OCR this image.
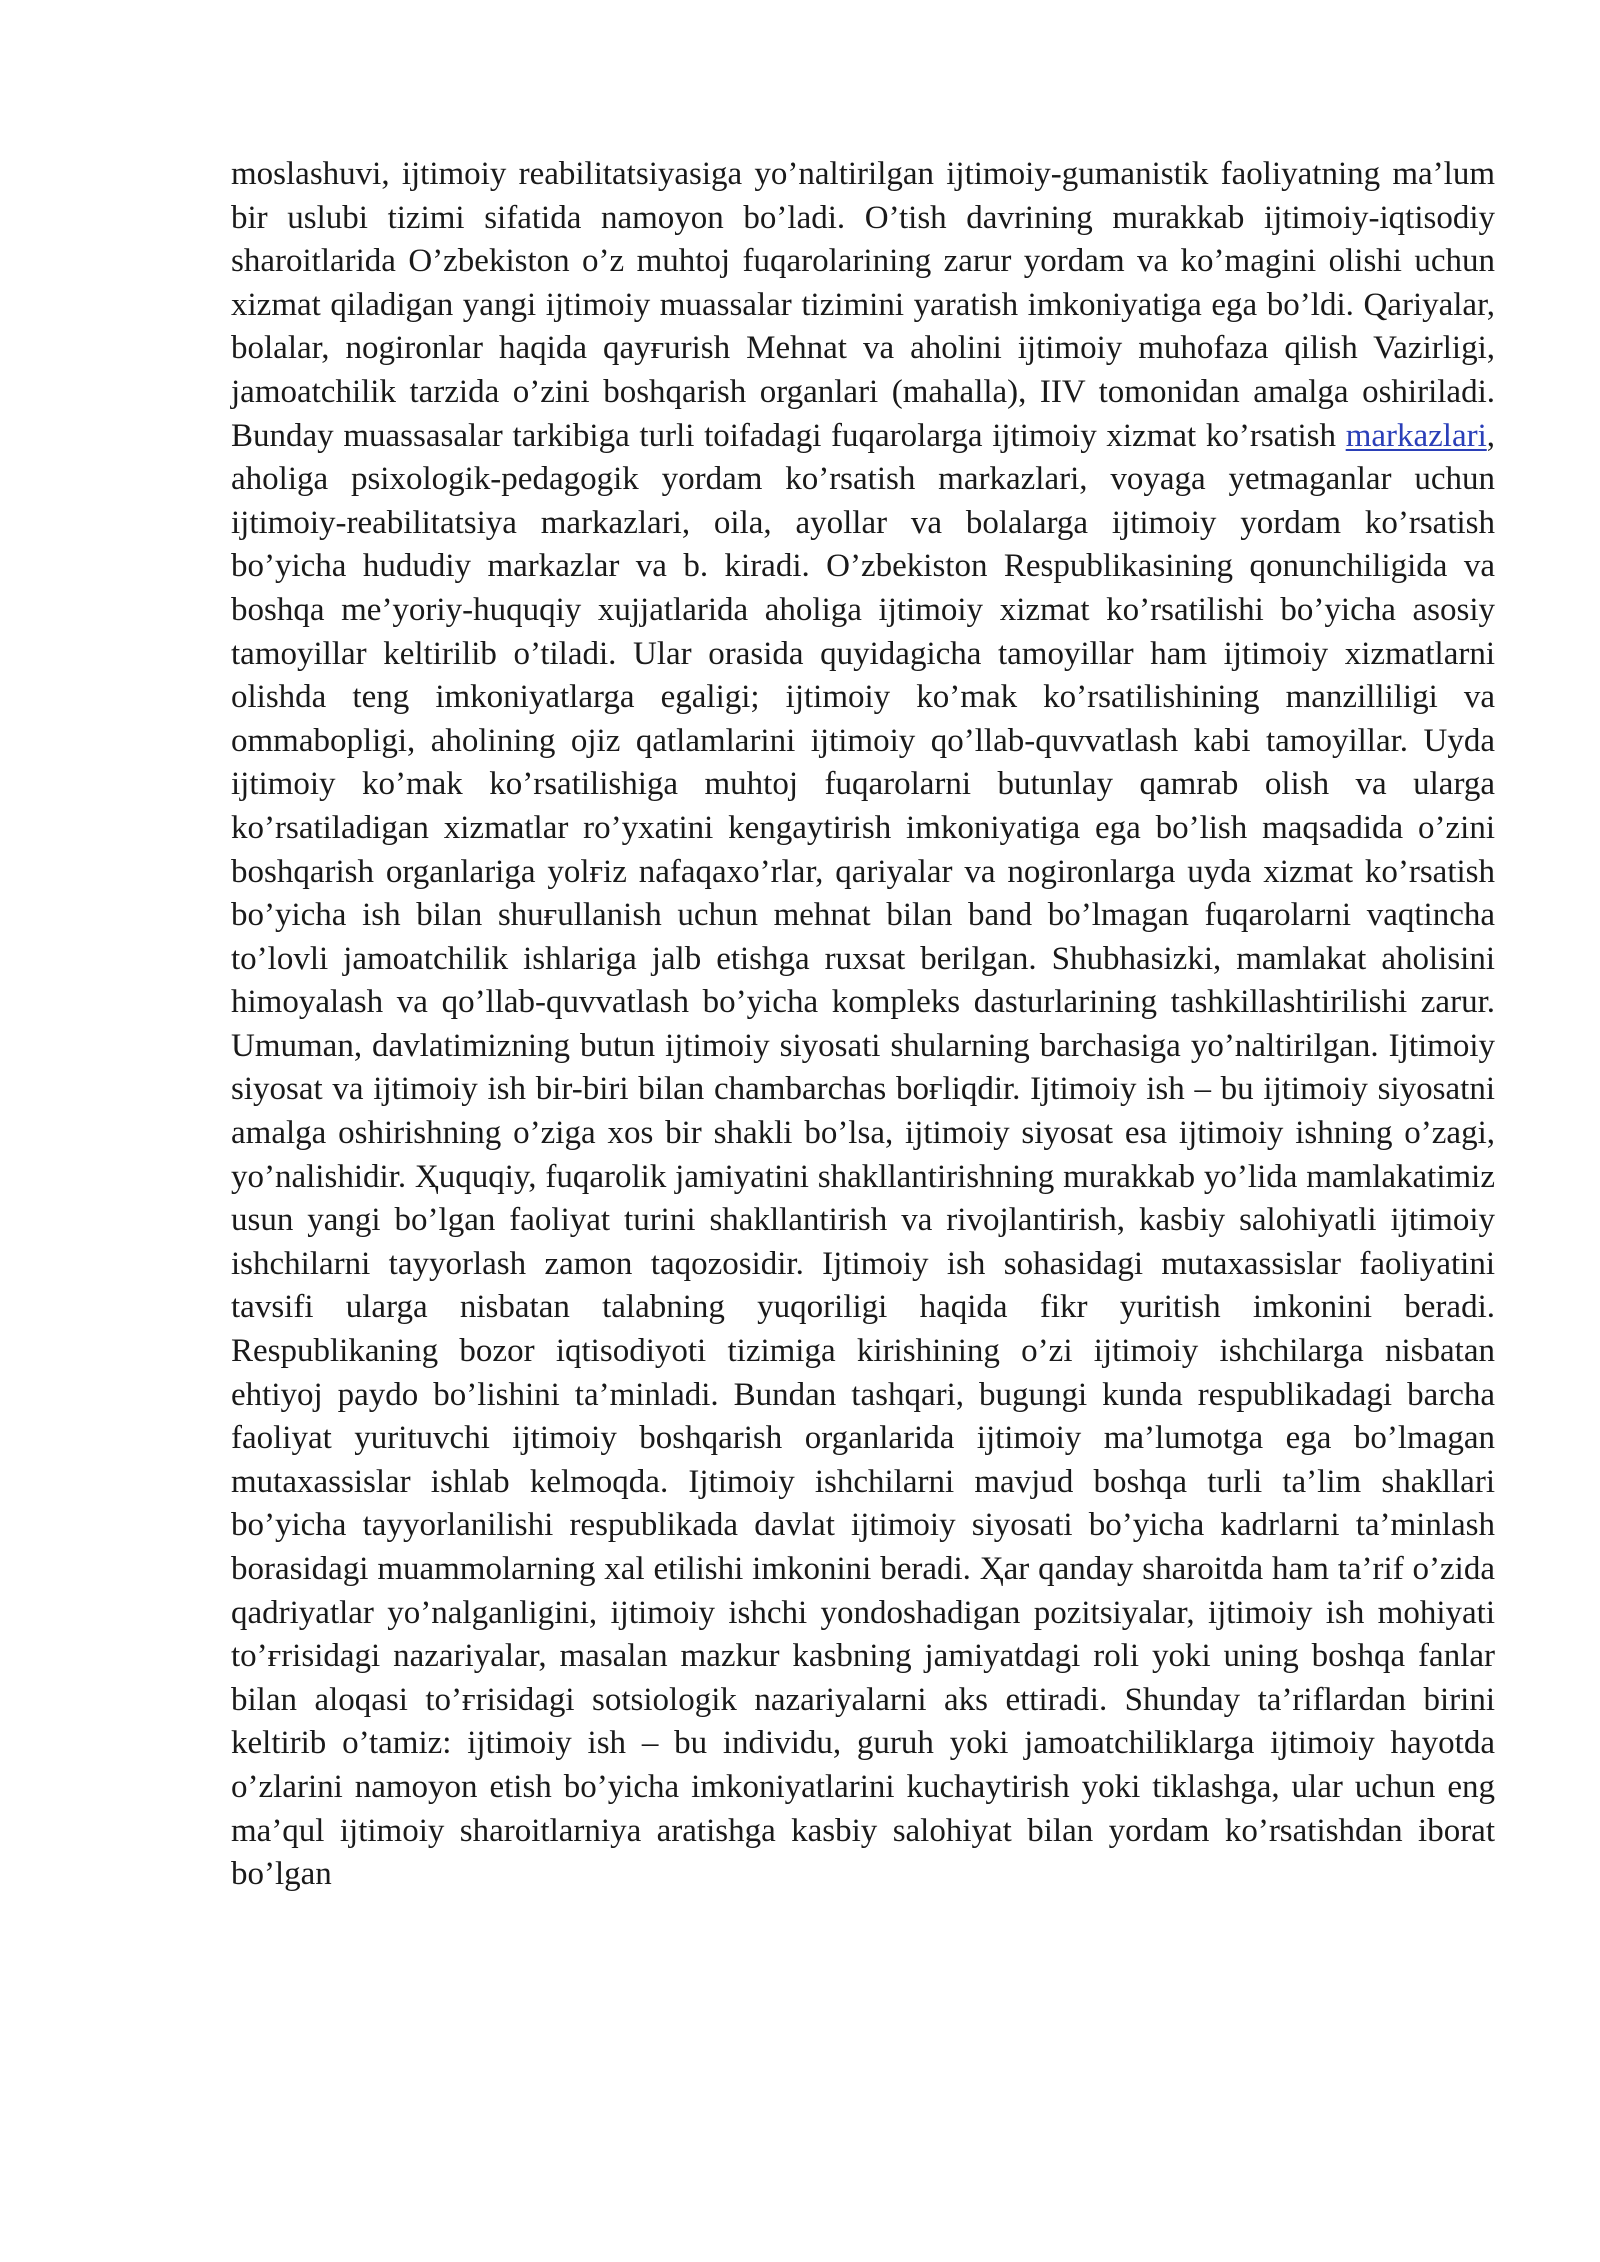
moslashuvi, ijtimoiy reabilitatsiyasiga yo’naltirilgan ijtimoiy-gumanistik faoliyatning ma’lum bir uslubi tizimi sifatida namoyon bo’ladi. O’tish davrining murakkab ijtimoiy-iqtisodiy sharoitlarida O’zbekiston o’z muhtoj fuqarolarining zarur yordam va ko’magini olishi uchun xizmat qiladigan yangi ijtimoiy muassalar tizimini yaratish imkoniyatiga ega bo’ldi. Qariyalar, bolalar, nogironlar haqida qayғurish Mehnat va aholini ijtimoiy muhofaza qilish Vazirligi, jamoatchilik tarzida o’zini boshqarish organlari (mahalla), IIV tomonidan amalga oshiriladi. Bunday muassasalar tarkibiga turli toifadagi fuqarolarga ijtimoiy xizmat ko’rsatish markazlari, aholiga psixologik-pedagogik yordam ko’rsatish markazlari, voyaga yetmaganlar uchun ijtimoiy-reabilitatsiya markazlari, oila, ayollar va bolalarga ijtimoiy yordam ko’rsatish bo’yicha hududiy markazlar va b. kiradi. O’zbekiston Respublikasining qonunchiligida va boshqa me’yoriy-huquqiy xujjatlarida aholiga ijtimoiy xizmat ko’rsatilishi bo’yicha asosiy tamoyillar keltirilib o’tiladi. Ular orasida quyidagicha tamoyillar ham ijtimoiy xizmatlarni olishda teng imkoniyatlarga egaligi; ijtimoiy ko’mak ko’rsatilishining manzilliligi va ommabopligi, aholining ojiz qatlamlarini ijtimoiy qo’llab-quvvatlash kabi tamoyillar. Uyda ijtimoiy ko’mak ko’rsatilishiga muhtoj fuqarolarni butunlay qamrab olish va ularga ko’rsatiladigan xizmatlar ro’yxatini kengaytirish imkoniyatiga ega bo’lish maqsadida o’zini boshqarish organlariga yolғiz nafaqaxo’rlar, qariyalar va nogironlarga uyda xizmat ko’rsatish bo’yicha ish bilan shuғullanish uchun mehnat bilan band bo’lmagan fuqarolarni vaqtincha to’lovli jamoatchilik ishlariga jalb etishga ruxsat berilgan. Shubhasizki, mamlakat aholisini himoyalash va qo’llab-quvvatlash bo’yicha kompleks dasturlarining tashkillashtirilishi zarur. Umuman, davlatimizning butun ijtimoiy siyosati shularning barchasiga yo’naltirilgan. Ijtimoiy siyosat va ijtimoiy ish bir-biri bilan chambarchas boғliqdir. Ijtimoiy ish – bu ijtimoiy siyosatni amalga oshirishning o’ziga xos bir shakli bo’lsa, ijtimoiy siyosat esa ijtimoiy ishning o’zagi, yo’nalishidir. Ҳuquqiy, fuqarolik jamiyatini shakllantirishning murakkab yo’lida mamlakatimiz usun yangi bo’lgan faoliyat turini shakllantirish va rivojlantirish, kasbiy salohiyatli ijtimoiy ishchilarni tayyorlash zamon taqozosidir. Ijtimoiy ish sohasidagi mutaxassislar faoliyatini tavsifi ularga nisbatan talabning yuqoriligi haqida fikr yuritish imkonini beradi. Respublikaning bozor iqtisodiyoti tizimiga kirishining o’zi ijtimoiy ishchilarga nisbatan ehtiyoj paydo bo’lishini ta’minladi. Bundan tashqari, bugungi kunda respublikadagi barcha faoliyat yurituvchi ijtimoiy boshqarish organlarida ijtimoiy ma’lumotga ega bo’lmagan mutaxassislar ishlab kelmoqda. Ijtimoiy ishchilarni mavjud boshqa turli ta’lim shakllari bo’yicha tayyorlanilishi respublikada davlat ijtimoiy siyosati bo’yicha kadrlarni ta’minlash borasidagi muammolarning xal etilishi imkonini beradi. Ҳar qanday sharoitda ham ta’rif o’zida qadriyatlar yo’nalganligini, ijtimoiy ishchi yondoshadigan pozitsiyalar, ijtimoiy ish mohiyati to’ғrisidagi nazariyalar, masalan mazkur kasbning jamiyatdagi roli yoki uning boshqa fanlar bilan aloqasi to’ғrisidagi sotsiologik nazariyalarni aks ettiradi. Shunday ta’riflardan birini keltirib o’tamiz: ijtimoiy ish – bu individu, guruh yoki jamoatchiliklarga ijtimoiy hayotda o’zlarini namoyon etish bo’yicha imkoniyatlarini kuchaytirish yoki tiklashga, ular uchun eng ma’qul ijtimoiy sharoitlarniya aratishga kasbiy salohiyat bilan yordam ko’rsatishdan iborat bo’lgan
